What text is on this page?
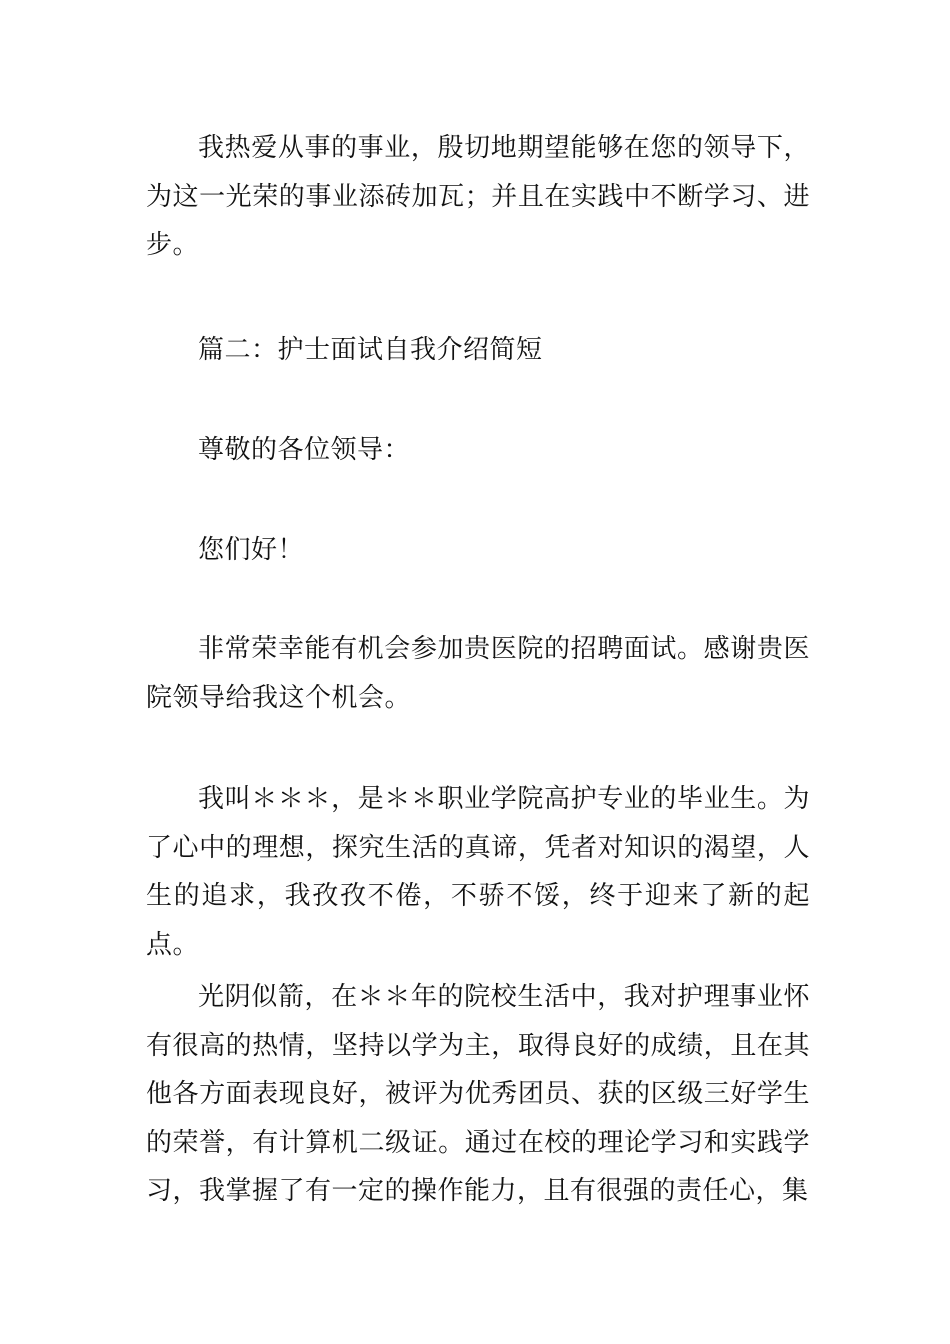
我热爱从事的事业，殷切地期望能够在您的领导下，为这一光荣的事业添砖加瓦；并且在实践中不断学习、进步。

篇二：护士面试自我介绍简短

尊敬的各位领导：

您们好！

非常荣幸能有机会参加贵医院的招聘面试。感谢贵医院领导给我这个机会。

我叫＊＊＊，是＊＊职业学院高护专业的毕业生。为了心中的理想，探究生活的真谛，凭者对知识的渴望，人生的追求，我孜孜不倦，不骄不馁，终于迎来了新的起点。

光阴似箭，在＊＊年的院校生活中，我对护理事业怀有很高的热情，坚持以学为主，取得良好的成绩，且在其他各方面表现良好，被评为优秀团员、获的区级三好学生的荣誉，有计算机二级证。通过在校的理论学习和实践学习，我掌握了有一定的操作能力，且有很强的责任心，集
